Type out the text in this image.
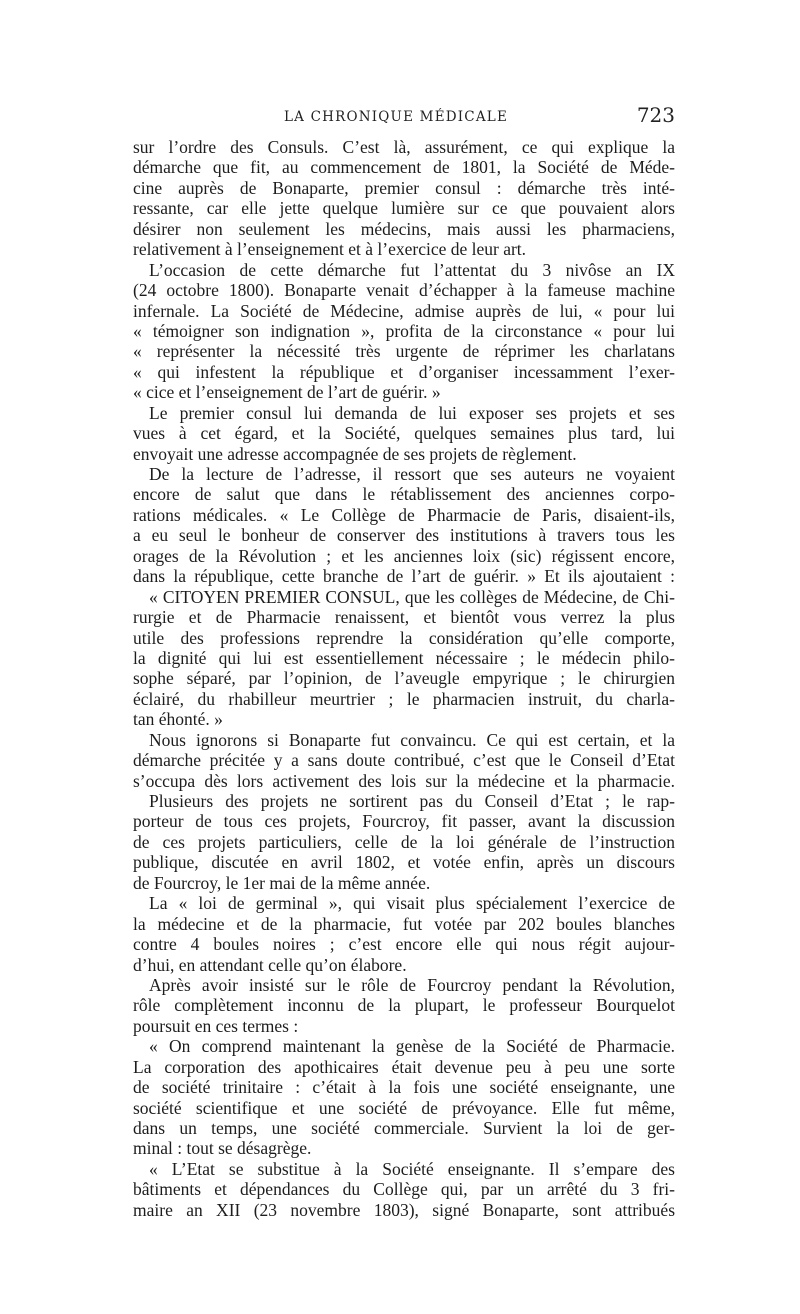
LA CHRONIQUE MÉDICALE	723
sur l’ordre des Consuls. C’est là, assurément, ce qui explique la
démarche que fit, au commencement de 1801, la Société de Méde-
cine auprès de Bonaparte, premier consul : démarche très inté-
ressante, car elle jette quelque lumière sur ce que pouvaient alors
désirer non seulement les médecins, mais aussi les pharmaciens,
relativement à l’enseignement et à l’exercice de leur art.
L’occasion de cette démarche fut l’attentat du 3 nivôse an IX
(24 octobre 1800). Bonaparte venait d’échapper à la fameuse machine
infernale. La Société de Médecine, admise auprès de lui, « pour lui
« témoigner son indignation », profita de la circonstance « pour lui
« représenter la nécessité très urgente de réprimer les charlatans
« qui infestent la république et d’organiser incessamment l’exer-
« cice et l’enseignement de l’art de guérir. »
Le premier consul lui demanda de lui exposer ses projets et ses
vues à cet égard, et la Société, quelques semaines plus tard, lui
envoyait une adresse accompagnée de ses projets de règlement.
De la lecture de l’adresse, il ressort que ses auteurs ne voyaient
encore de salut que dans le rétablissement des anciennes corpo-
rations médicales. « Le Collège de Pharmacie de Paris, disaient-ils,
a eu seul le bonheur de conserver des institutions à travers tous les
orages de la Révolution ; et les anciennes loix (sic) régissent encore,
dans la république, cette branche de l’art de guérir. » Et ils ajoutaient :
« CITOYEN PREMIER CONSUL, que les collèges de Médecine, de Chi-
rurgie et de Pharmacie renaissent, et bientôt vous verrez la plus
utile des professions reprendre la considération qu’elle comporte,
la dignité qui lui est essentiellement nécessaire ; le médecin philo-
sophe séparé, par l’opinion, de l’aveugle empyrique ; le chirurgien
éclairé, du rhabilleur meurtrier ; le pharmacien instruit, du charla-
tan éhonté. »
Nous ignorons si Bonaparte fut convaincu. Ce qui est certain, et la
démarche précitée y a sans doute contribué, c’est que le Conseil d’Etat
s’occupa dès lors activement des lois sur la médecine et la pharmacie.
Plusieurs des projets ne sortirent pas du Conseil d’Etat ; le rap-
porteur de tous ces projets, Fourcroy, fit passer, avant la discussion
de ces projets particuliers, celle de la loi générale de l’instruction
publique, discutée en avril 1802, et votée enfin, après un discours
de Fourcroy, le 1er mai de la même année.
La « loi de germinal », qui visait plus spécialement l’exercice de
la médecine et de la pharmacie, fut votée par 202 boules blanches
contre 4 boules noires ; c’est encore elle qui nous régit aujour-
d’hui, en attendant celle qu’on élabore.
Après avoir insisté sur le rôle de Fourcroy pendant la Révolution,
rôle complètement inconnu de la plupart, le professeur Bourquelot
poursuit en ces termes :
« On comprend maintenant la genèse de la Société de Pharmacie.
La corporation des apothicaires était devenue peu à peu une sorte
de société trinitaire : c’était à la fois une société enseignante, une
société scientifique et une société de prévoyance. Elle fut même,
dans un temps, une société commerciale. Survient la loi de ger-
minal : tout se désagrège.
« L’Etat se substitue à la Société enseignante. Il s’empare des
bâtiments et dépendances du Collège qui, par un arrêté du 3 fri-
maire an XII (23 novembre 1803), signé Bonaparte, sont attribués
